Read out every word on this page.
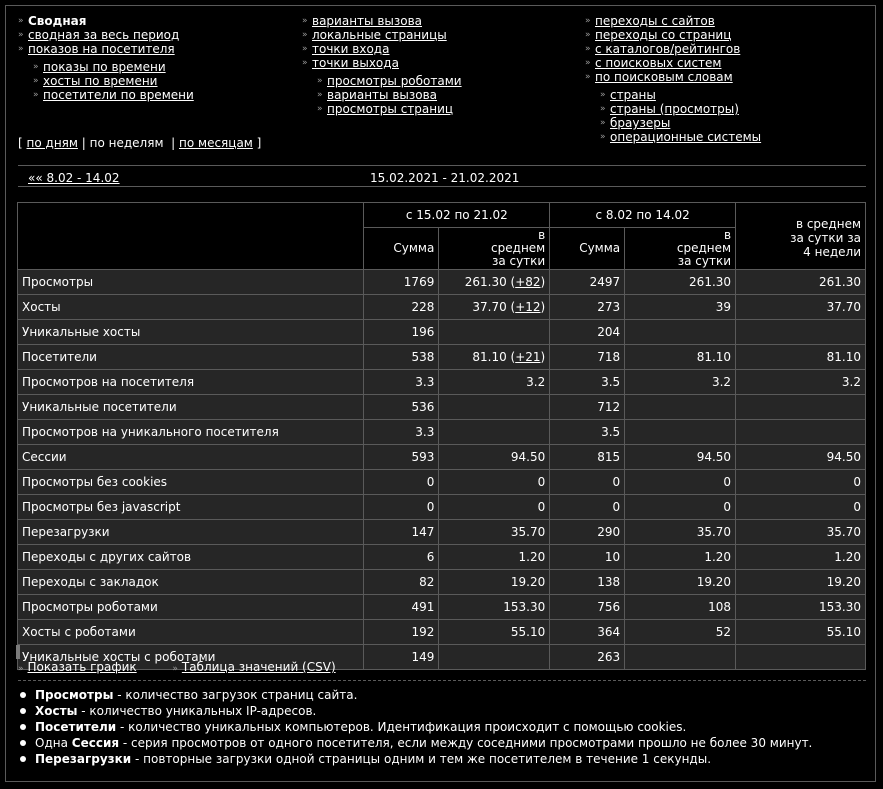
» Сводная
» сводная за весь период
» показов на посетителя
» показы по времени
» хосты по времени
» посетители по времени
» варианты вызова
» локальные страницы
» точки входа
» точки выхода
» просмотры роботами
» варианты вызова
» просмотры страниц
» переходы с сайтов
» переходы со страниц
» с каталогов/рейтингов
» с поисковых систем
» по поисковым словам
» страны
» страны (просмотры)
» браузеры
» операционные системы
[ по дням | по неделям | по месяцам ]
«« 8.02 - 14.02	15.02.2021 - 21.02.2021
	с 15.02 по 21.02		с 8.02 по 14.02		в среднем за сутки за 4 недели
	Сумма	в среднем за сутки	Сумма	в среднем за сутки	
Просмотры	1769	261.30 (+82)	2497	261.30	261.30
Хосты	228	37.70 (+12)	273	39	37.70
Уникальные хосты	196		204		
Посетители	538	81.10 (+21)	718	81.10	81.10
Просмотров на посетителя	3.3	3.2	3.5	3.2	3.2
Уникальные посетители	536		712		
Просмотров на уникального посетителя	3.3		3.5		
Сессии	593	94.50	815	94.50	94.50
Просмотры без cookies	0	0	0	0	0
Просмотры без javascript	0	0	0	0	0
Перезагрузки	147	35.70	290	35.70	35.70
Переходы с других сайтов	6	1.20	10	1.20	1.20
Переходы с закладок	82	19.20	138	19.20	19.20
Просмотры роботами	491	153.30	756	108	153.30
Хосты с роботами	192	55.10	364	52	55.10
Уникальные хосты с роботами	149		263		
» Показать график	» Таблица значений (CSV)
Просмотры - количество загрузок страниц сайта.
Хосты - количество уникальных IP-адресов.
Посетители - количество уникальных компьютеров. Идентификация происходит с помощью cookies.
Одна Сессия - серия просмотров от одного посетителя, если между соседними просмотрами прошло не более 30 минут.
Перезагрузки - повторные загрузки одной страницы одним и тем же посетителем в течение 1 секунды.
